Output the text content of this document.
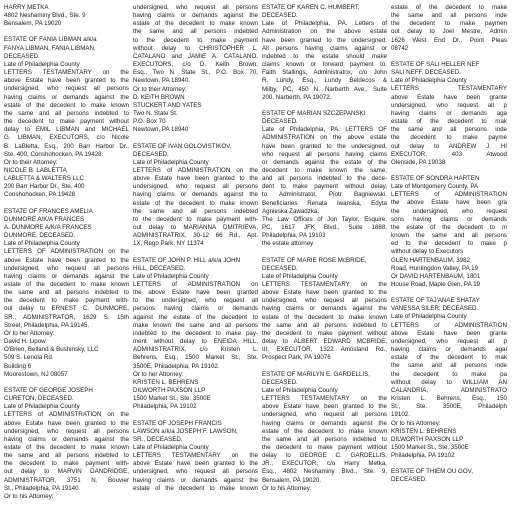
HARRY METKA
4802 Neshaminy Blvd., Ste. 9
Bensalem, PA 19020
ESTATE OF FANIA LIBMAN a/k/a
FANYA LIBMAN, FANIA LIBMAN,
DECEASED.
Late of Philadelphia County
LETTERS TESTAMENTARY on the
above Estate have been granted to the
undersigned, who request all persons
having claims or demands against the
estate of the decedent to make known
the same and all persons indebted to
the decedent to make payment without
delay to EMIL LIBMAN and MICHAEL
G. LIBMAN, EXECUTORS, c/o Nicole
B. LaBletta, Esq., 200 Barr Harbor Dr.,
Ste. 400, Conshohocken, PA 19428.
Or to their Attorney:
NICOLE B. LABLETTA
LABLETTA & WALTERS LLC
200 Barr Harbor Dr., Ste. 400
Conshohocken, PA 19428
ESTATE OF FRANCES AMELIA
DUNMORE A/K/A FRANCES
A. DUNMORE A/K/A FRANCES
DUNMORE, DECEASED.
Late of Philadelphia County
LETTERS OF ADMINISTRATION on the
above Estate have been granted to the
undersigned, who request all persons
having claims or demands against the
estate of the decedent to make known
the same and all persons indebted to
the decedent to make payment with-
out delay to ERNEST C. DUNMORE,
SR., ADMINISTRATOR, 1629 S. 15th
Street, Philadelphia, PA 19145.
Or to her Attorney:
David H. Lipow
O'Brien, Belland & Bushinsky, LLC
509 S. Lenola Rd.
Building 6
Moorestown, NJ 08057
ESTATE OF GEORGE JOSEPH
CURETON, DECEASED.
Late of Philadelphia County
LETTERS of ADMINISTRATION on the
above Estate have been granted to the
undersigned, who request all persons
having claims or demands against the
estate of the decedent to make known
the same and all persons indebted to
the decedent to make payment with-
out delay to MARVIN DANDRIDGE,
ADMINISTRATOR, 3751 N. Bouvier
St., Philadelphia, PA 19140.
Or to his Attorney:
undersigned, who request all persons
having claims or demands against the
estate of the decedent to make known
the same and all persons indebted
to the decedent to make payment
without delay to CHRISTOPHER L.
CATALANO and JAMIE A. CATALANO,
EXECUTORS, c/o D. Keith Brown,
Esq., Two N. State St., P.O. Box 70,
Newtown, PA 18940.
Or to their Attorney:
D. KEITH BROWN
STUCKERT AND YATES
Two N. State St.
P.O. Box 70
Newtown, PA 18940
ESTATE OF IVAN GOLOVISTIKOV,
DECEASED.
Late of Philadelphia County
LETTERS of ADMINISTRATION on the
above Estate have been granted to the
undersigned, who request all persons
having claims or demands against the
estate of the decedent to make known
the same and all persons indebted
to the decedent to make payment with-
out delay to MARIANNA DMITRIEVA,
ADMINISTRATRIX, 30-12 66 Rd., Apt.
1X, Rego Park, NY 11374
ESTATE OF JOHN P. HILL a/k/a JOHN
HILL, DECEASED.
Late of Philadelphia County
LETTERS of ADMINISTRATION on
the above Estate have been granted
to the undersigned, who request all
persons having claims or demands
against the estate of the decedent to
make known the same and all persons
indebted to the decedent to make pay-
ment without delay to ENEIDA HILL,
ADMINISTRATRIX, c/o Kristen L.
Behrens, Esq., 1500 Market St., Ste.
3500E, Philadelphia, PA 19102.
Or to her Attorney:
KRISTEN L. BEHRENS
DILWORTH PAXSON LLP
1500 Market St., Ste. 3500E
Philadelphia, PA 19102
ESTATE OF JOSEPH FRANCIS
LAWSON a/k/a JOSEPH F. LAWSON,
SR., DECEASED.
Late of Philadelphia County
LETTERS TESTAMENTARY on the
above Estate have been granted to the
undersigned, who request all persons
having claims or demands against the
estate of the decedent to make known
ESTATE OF KAREN C. HUMBERT,
DECEASED.
Late of Philadelphia, PA. Letters of
Administration on the above estate
have been granted to the undersigned.
All persons having claims against or
indebted to the estate should make
claims known or forward payment to.
Faith Stallings, Administratrix, c/o John
R. Lundy, Esq., Lundy Beldecos &
Milby, PC, 450 N. Narberth Ave., Suite
200, Narberth, PA 19072.
ESTATE OF MARIAN SZCZEPANSKI
DECEASED.
Late of Philadelphia, PA. LETTERS OF
ADMINISTRATION on the above estate
have been granted to the undersigned,
who request all persons having claims
or demands against the estate of the
decedent to make known the same,
and all persons indebted to the dece-
dent to make payment without delay,
to Administrator, Piotr Bagniewski.
Beneficiaries Renata Iwanska, Edyta
Agnieska Zawadzka.
The Law Offices of Jon Taylor, Esquire,
PC, 1617 JFK Blvd., Suite 1888,
Philadelphia, PA 19103
the estate attorney
ESTATE OF MARIE ROSE McBRIDE,
DECEASED.
Late of Philadelphia County
LETTERS TESTAMENTARY on the
above Estate have been granted to the
undersigned, who request all persons
having claims or demands against the
estate of the decedent to make known
the same and all persons indebted to
the decedent to make payment without
delay to ALBERT EDWARD MCBRIDE,
III, EXECUTOR, 1322 Amosland Rd.,
Prospect Park, PA 19076
ESTATE OF MARILYN E. GARDELLIS,
DECEASED.
Late of Philadelphia County
LETTERS TESTAMENTARY on the
above Estate have been granted to the
undersigned, who request all persons
having claims or demands against the
estate of the decedent to make known
the same and all persons indebted to
the decedent to make payment without
delay to GEORGE C. GARDELLIS,
JR., EXECUTOR, c/o Harry Metka,
Esq., 4802 Neshaminy Blvd., Ste. 9,
Bensalem, PA 19020.
Or to his Attorney:
estate of the decedent to make
the same and all persons inde
the decedent to make paymen
out delay to Joel Mestre, Admin
1626 West End Dr., Point Pleas
08742
ESTATE OF SALI HELLER NEF
SALI NEFF, DECEASED.
Late of Philadelphia County
LETTERS TESTAMENTARY
above Estate have been grante
undersigned, who request all p
having claims or demands aga
estate of the decedent to mak
the same and all persons inde
the decedent to make payme
out delay to ANDREW J. HI
EXECUTOR, 403 Atwood
Glenside, PA 19038
ESTATE OF SONDRA HARTEN
Late of Montgomery County, PA
LETTERS of ADMINISTRATION
the above Estate have been gra
the undersigned, who request
sons having claims or demands
the estate of the decedent to m
known the same and all persons
ed to the decedent to make p
without delay to Executors
GLEN HARTENBAUM, 3982
Road, Huntingdon Valley, PA 19
Or DAVID HARTENBAUM, 1801
House Road, Maple Glen, PA 19
ESTATE OF TAJ'ANAE SHATAY
VANESSA SILER, DECEASED.
Late of Philadelphia County
LETTERS of ADMINISTRATION
above Estate have been grante
undersigned, who request all p
having claims or demands agai
estate of the decedent to mak
the same and all persons inde
the decedent to make pa
without delay to WILLIAM AN
CALANDRIA, ADMINISTRATO
Kristen L. Behrens, Esq., 150
St., Ste. 3500E, Philadelph
19102.
Or to his Attorney:
KRISTEN L. BEHRENS
DILWORTH PAXSON LLP
1500 Market St., Ste. 3500E
Philadelphia, PA 19102
ESTATE OF THIEM OU GOV,
DECEASED.
